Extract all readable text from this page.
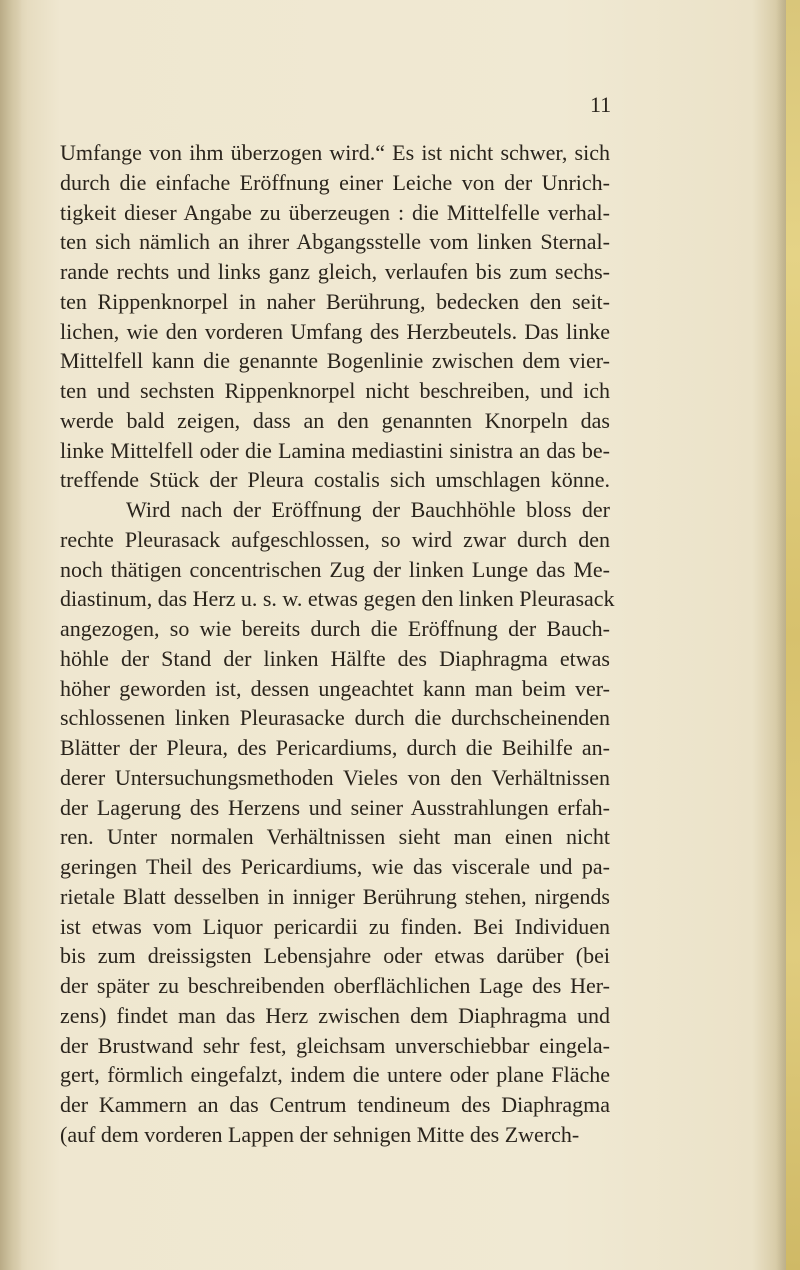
11
Umfange von ihm überzogen wird.“ Es ist nicht schwer, sich
durch die einfache Eröffnung einer Leiche von der Unrich-
tigkeit dieser Angabe zu überzeugen : die Mittelfelle verhal-
ten sich nämlich an ihrer Abgangsstelle vom linken Sternal-
rande rechts und links ganz gleich, verlaufen bis zum sechs-
ten Rippenknorpel in naher Berührung, bedecken den seit-
lichen, wie den vorderen Umfang des Herzbeutels. Das linke
Mittelfell kann die genannte Bogenlinie zwischen dem vier-
ten und sechsten Rippenknorpel nicht beschreiben, und ich
werde bald zeigen, dass an den genannten Knorpeln das
linke Mittelfell oder die Lamina mediastini sinistra an das be-
treffende Stück der Pleura costalis sich umschlagen könne.
Wird nach der Eröffnung der Bauchhöhle bloss der
rechte Pleurasack aufgeschlossen, so wird zwar durch den
noch thätigen concentrischen Zug der linken Lunge das Me-
diastinum, das Herz u. s. w. etwas gegen den linken Pleurasack
angezogen, so wie bereits durch die Eröffnung der Bauch-
höhle der Stand der linken Hälfte des Diaphragma etwas
höher geworden ist, dessen ungeachtet kann man beim ver-
schlossenen linken Pleurasacke durch die durchscheinenden
Blätter der Pleura, des Pericardiums, durch die Beihilfe an-
derer Untersuchungsmethoden Vieles von den Verhältnissen
der Lagerung des Herzens und seiner Ausstrahlungen erfah-
ren. Unter normalen Verhältnissen sieht man einen nicht
geringen Theil des Pericardiums, wie das viscerale und pa-
rietale Blatt desselben in inniger Berührung stehen, nirgends
ist etwas vom Liquor pericardii zu finden. Bei Individuen
bis zum dreissigsten Lebensjahre oder etwas darüber (bei
der später zu beschreibenden oberflächlichen Lage des Her-
zens) findet man das Herz zwischen dem Diaphragma und
der Brustwand sehr fest, gleichsam unverschiebbar eingela-
gert, förmlich eingefalzt, indem die untere oder plane Fläche
der Kammern an das Centrum tendineum des Diaphragma
(auf dem vorderen Lappen der sehnigen Mitte des Zwerch-
